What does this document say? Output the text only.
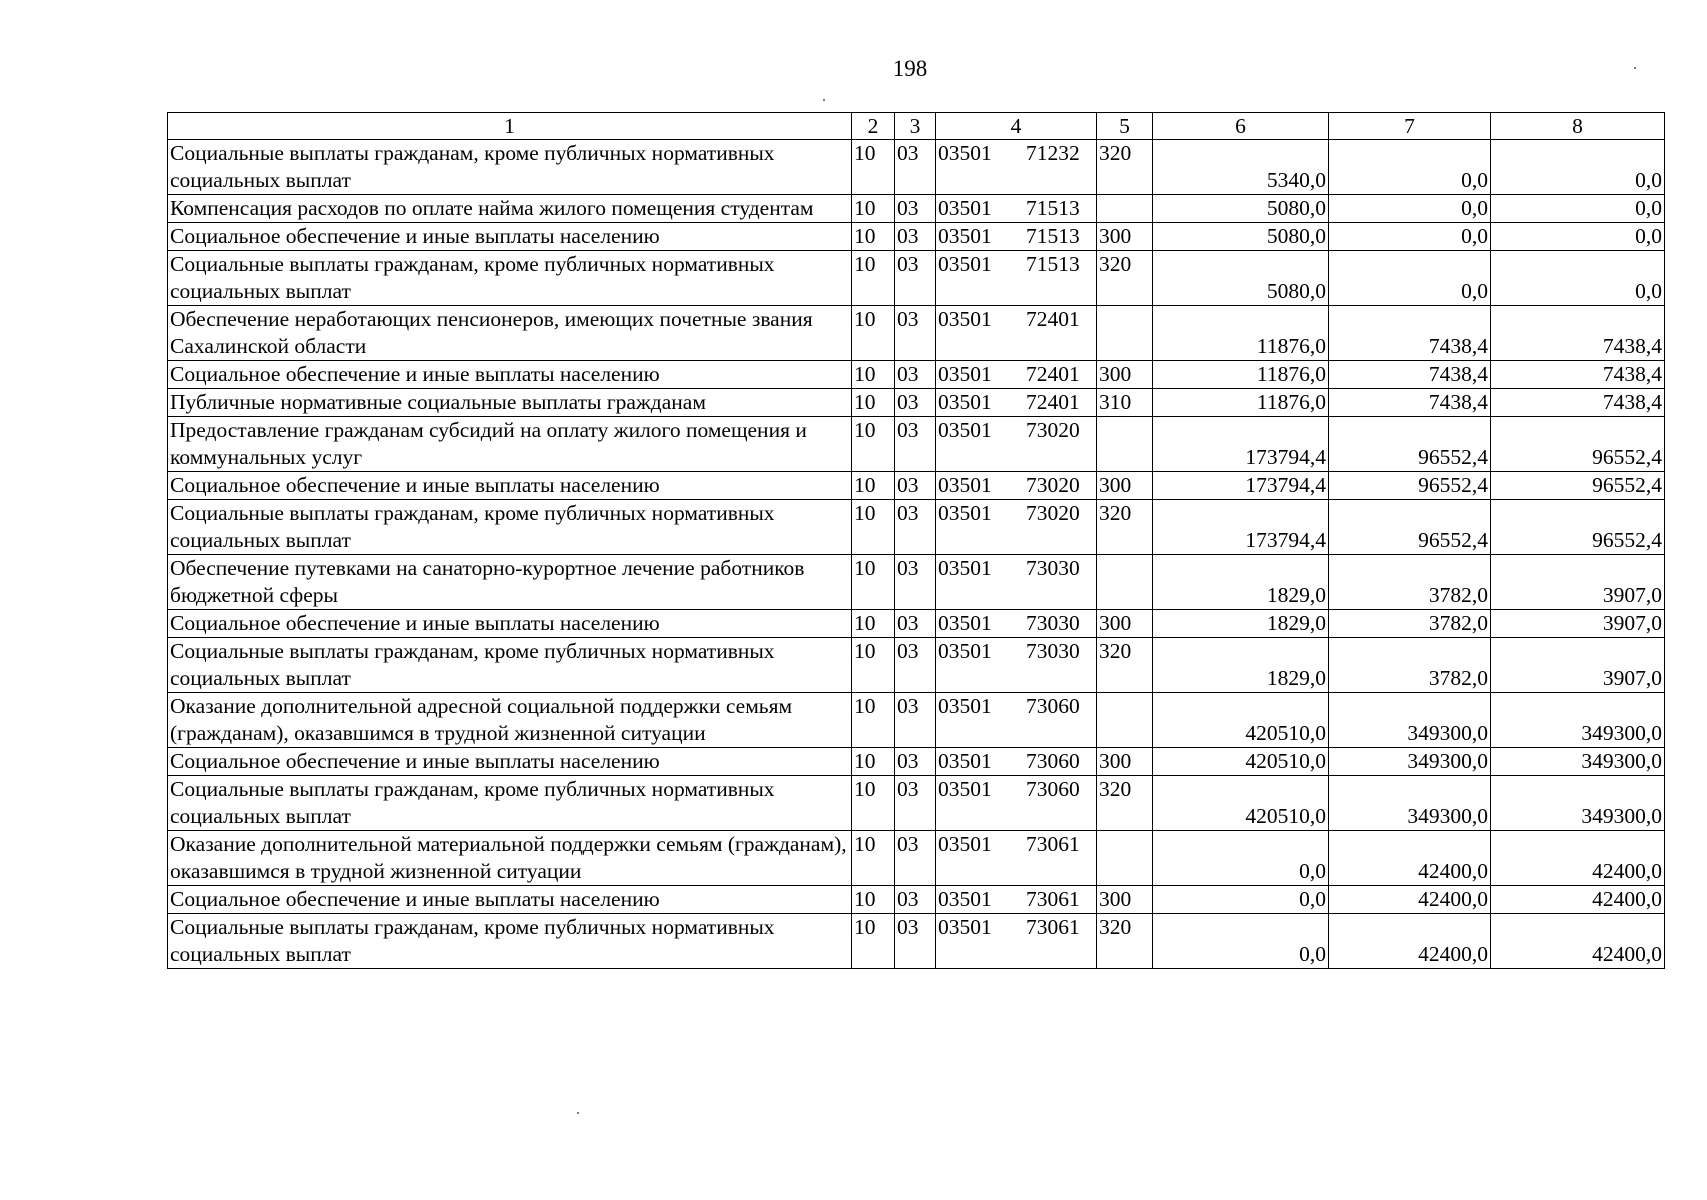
198
1	2	3	4	5	6	7	8
Социальные выплаты гражданам, кроме публичных нормативных социальных выплат	10	03	03501 71232	320	5340,0	0,0	0,0
Компенсация расходов по оплате найма жилого помещения студентам	10	03	03501 71513		5080,0	0,0	0,0
Социальное обеспечение и иные выплаты населению	10	03	03501 71513	300	5080,0	0,0	0,0
Социальные выплаты гражданам, кроме публичных нормативных социальных выплат	10	03	03501 71513	320	5080,0	0,0	0,0
Обеспечение неработающих пенсионеров, имеющих почетные звания Сахалинской области	10	03	03501 72401		11876,0	7438,4	7438,4
Социальное обеспечение и иные выплаты населению	10	03	03501 72401	300	11876,0	7438,4	7438,4
Публичные нормативные социальные выплаты гражданам	10	03	03501 72401	310	11876,0	7438,4	7438,4
Предоставление гражданам субсидий на оплату жилого помещения и коммунальных услуг	10	03	03501 73020		173794,4	96552,4	96552,4
Социальное обеспечение и иные выплаты населению	10	03	03501 73020	300	173794,4	96552,4	96552,4
Социальные выплаты гражданам, кроме публичных нормативных социальных выплат	10	03	03501 73020	320	173794,4	96552,4	96552,4
Обеспечение путевками на санаторно-курортное лечение работников бюджетной сферы	10	03	03501 73030		1829,0	3782,0	3907,0
Социальное обеспечение и иные выплаты населению	10	03	03501 73030	300	1829,0	3782,0	3907,0
Социальные выплаты гражданам, кроме публичных нормативных социальных выплат	10	03	03501 73030	320	1829,0	3782,0	3907,0
Оказание дополнительной адресной социальной поддержки семьям (гражданам), оказавшимся в трудной жизненной ситуации	10	03	03501 73060		420510,0	349300,0	349300,0
Социальное обеспечение и иные выплаты населению	10	03	03501 73060	300	420510,0	349300,0	349300,0
Социальные выплаты гражданам, кроме публичных нормативных социальных выплат	10	03	03501 73060	320	420510,0	349300,0	349300,0
Оказание дополнительной материальной поддержки семьям (гражданам), оказавшимся в трудной жизненной ситуации	10	03	03501 73061		0,0	42400,0	42400,0
Социальное обеспечение и иные выплаты населению	10	03	03501 73061	300	0,0	42400,0	42400,0
Социальные выплаты гражданам, кроме публичных нормативных социальных выплат	10	03	03501 73061	320	0,0	42400,0	42400,0
